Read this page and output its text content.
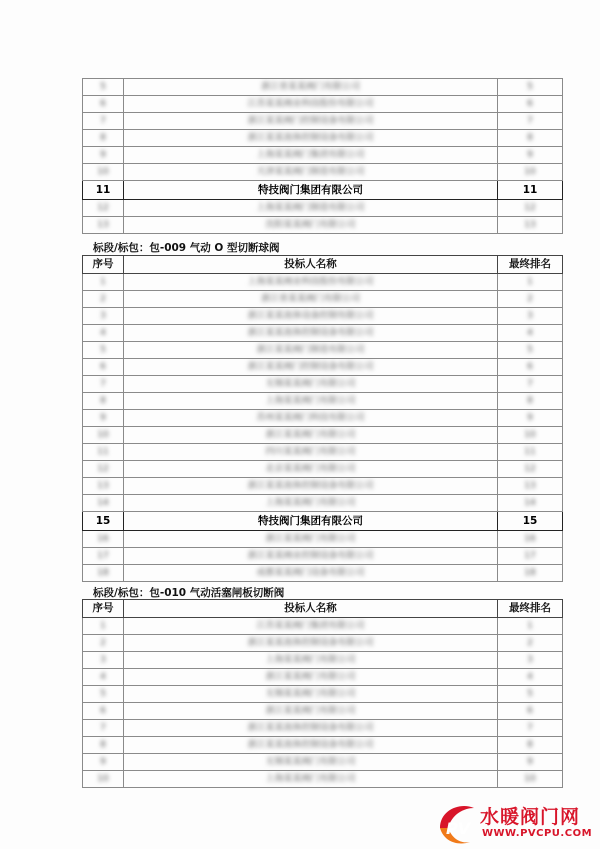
5	浙江省某某阀门有限公司	5
6	江苏某某阀业科技股份有限公司	6
7	浙江某某阀门控制设备有限公司	7
8	浙江某某流体控制设备有限公司	8
9	上海某某阀门集团有限公司	9
10	天津某某阀门制造有限公司	10
11	特技阀门集团有限公司	11
12	上海某某阀门制造有限公司	12
13	沈阳某某阀门有限公司	13
标段/标包：包-009 气动 O 型切断球阀
序号	投标人名称	最终排名
1	上海某某阀业科技股份有限公司	1
2	浙江省某某阀门有限公司	2
3	浙江某某流体设备控制有限公司	3
4	浙江某某流体控制设备有限公司	4
5	浙江某某阀门制造有限公司	5
6	浙江某某阀门控制设备有限公司	6
7	无锡某某阀门有限公司	7
8	上海某某阀门有限公司	8
9	苏州某某阀门科技有限公司	9
10	浙江某某阀门有限公司	10
11	四川某某阀门有限公司	11
12	北京某某阀门有限公司	12
13	浙江某某流体控制设备有限公司	13
14	上海某某阀门有限公司	14
15	特技阀门集团有限公司	15
16	浙江某某阀门有限公司	16
17	浙江某某阀业控制设备有限公司	17
18	成都某某阀门设备有限公司	18
标段/标包：包-010 气动活塞闸板切断阀
序号	投标人名称	最终排名
1	江苏某某阀门集团有限公司	1
2	浙江某某流体控制设备有限公司	2
3	上海某某阀门有限公司	3
4	浙江某某阀门有限公司	4
5	无锡某某阀门有限公司	5
6	浙江某某阀门有限公司	6
7	浙江某某流体控制设备有限公司	7
8	浙江某某流体控制设备有限公司	8
9	无锡某某阀门有限公司	9
10	上海某某阀门有限公司	10
PV
水暖阀门网
WWW.PVCPU.COM
